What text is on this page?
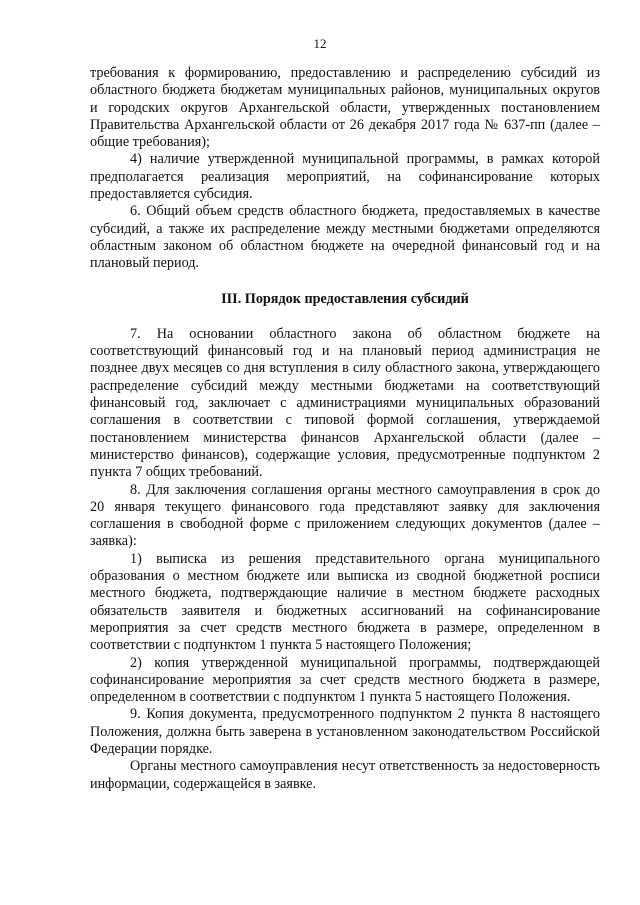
12

требования к формированию, предоставлению и распределению субсидий из областного бюджета бюджетам муниципальных районов, муниципальных округов и городских округов Архангельской области, утвержденных постановлением Правительства Архангельской области от 26 декабря 2017 года № 637-пп (далее – общие требования);

4) наличие утвержденной муниципальной программы, в рамках которой предполагается реализация мероприятий, на софинансирование которых предоставляется субсидия.

6. Общий объем средств областного бюджета, предоставляемых в качестве субсидий, а также их распределение между местными бюджетами определяются областным законом об областном бюджете на очередной финансовый год и на плановый период.

III. Порядок предоставления субсидий

7. На основании областного закона об областном бюджете на соответствующий финансовый год и на плановый период администрация не позднее двух месяцев со дня вступления в силу областного закона, утверждающего распределение субсидий между местными бюджетами на соответствующий финансовый год, заключает с администрациями муниципальных образований соглашения в соответствии с типовой формой соглашения, утверждаемой постановлением министерства финансов Архангельской области (далее – министерство финансов), содержащие условия, предусмотренные подпунктом 2 пункта 7 общих требований.

8. Для заключения соглашения органы местного самоуправления в срок до 20 января текущего финансового года представляют заявку для заключения соглашения в свободной форме с приложением следующих документов (далее – заявка):

1) выписка из решения представительного органа муниципального образования о местном бюджете или выписка из сводной бюджетной росписи местного бюджета, подтверждающие наличие в местном бюджете расходных обязательств заявителя и бюджетных ассигнований на софинансирование мероприятия за счет средств местного бюджета в размере, определенном в соответствии с подпунктом 1 пункта 5 настоящего Положения;

2) копия утвержденной муниципальной программы, подтверждающей софинансирование мероприятия за счет средств местного бюджета в размере, определенном в соответствии с подпунктом 1 пункта 5 настоящего Положения.

9. Копия документа, предусмотренного подпунктом 2 пункта 8 настоящего Положения, должна быть заверена в установленном законодательством Российской Федерации порядке.

Органы местного самоуправления несут ответственность за недостоверность информации, содержащейся в заявке.
